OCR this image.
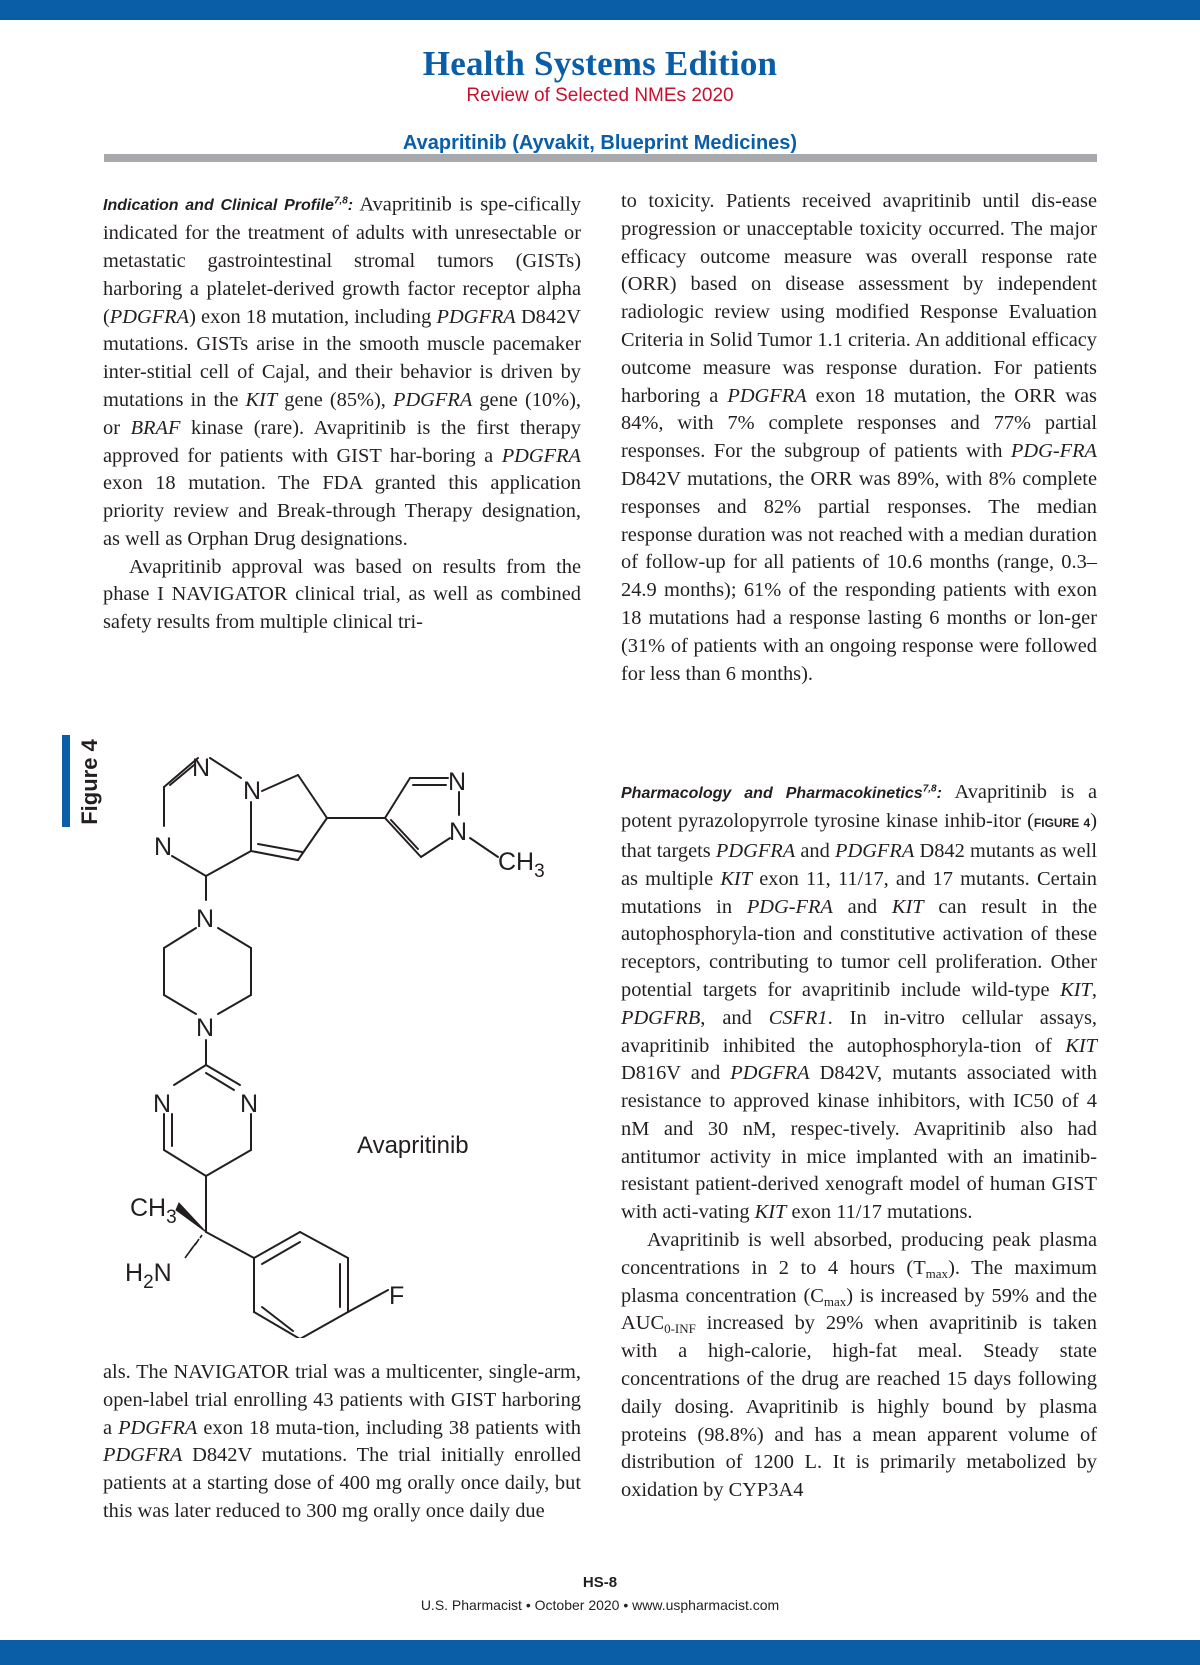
Health Systems Edition
Review of Selected NMEs 2020
Avapritinib (Ayvakit, Blueprint Medicines)

Indication and Clinical Profile$^{7,8}$: Avapritinib is spe-cifically indicated for the treatment of adults with unresectable or metastatic gastrointestinal stromal tumors (GISTs) harboring a platelet-derived growth factor receptor alpha (PDGFRA) exon 18 mutation, including PDGFRA D842V mutations. GISTs arise in the smooth muscle pacemaker inter-stitial cell of Cajal, and their behavior is driven by mutations in the KIT gene (85%), PDGFRA gene (10%), or BRAF kinase (rare). Avapritinib is the first therapy approved for patients with GIST har-boring a PDGFRA exon 18 mutation. The FDA granted this application priority review and Break-through Therapy designation, as well as Orphan Drug designations.

Avapritinib approval was based on results from the phase I NAVIGATOR clinical trial, as well as combined safety results from multiple clinical tri-

Figure 4	N
N
N
N
N
$CH_3$
N
N
N	N
$CH_3$
$H_2N$
F
Avapritinib

als. The NAVIGATOR trial was a multicenter, single-arm, open-label trial enrolling 43 patients with GIST harboring a PDGFRA exon 18 muta-tion, including 38 patients with PDGFRA D842V mutations. The trial initially enrolled patients at a starting dose of 400 mg orally once daily, but this was later reduced to 300 mg orally once daily due

to toxicity. Patients received avapritinib until dis-ease progression or unacceptable toxicity occurred. The major efficacy outcome measure was overall response rate (ORR) based on disease assessment by independent radiologic review using modified Response Evaluation Criteria in Solid Tumor 1.1 criteria. An additional efficacy outcome measure was response duration. For patients harboring a PDGFRA exon 18 mutation, the ORR was 84%, with 7% complete responses and 77% partial responses. For the subgroup of patients with PDG-FRA D842V mutations, the ORR was 89%, with 8% complete responses and 82% partial responses. The median response duration was not reached with a median duration of follow-up for all patients of 10.6 months (range, 0.3–24.9 months); 61% of the responding patients with exon 18 mutations had a response lasting 6 months or lon-ger (31% of patients with an ongoing response were followed for less than 6 months).

Pharmacology and Pharmacokinetics$^{7,8}$: Avapritinib is a potent pyrazolopyrrole tyrosine kinase inhib-itor (FIGURE 4) that targets PDGFRA and PDGFRA D842 mutants as well as multiple KIT exon 11, 11/17, and 17 mutants. Certain mutations in PDG-FRA and KIT can result in the autophosphoryla-tion and constitutive activation of these receptors, contributing to tumor cell proliferation. Other potential targets for avapritinib include wild-type KIT, PDGFRB, and CSFR1. In in-vitro cellular assays, avapritinib inhibited the autophosphoryla-tion of KIT D816V and PDGFRA D842V, mutants associated with resistance to approved kinase inhibitors, with IC50 of 4 nM and 30 nM, respec-tively. Avapritinib also had antitumor activity in mice implanted with an imatinib-resistant patient-derived xenograft model of human GIST with acti-vating KIT exon 11/17 mutations.

Avapritinib is well absorbed, producing peak plasma concentrations in 2 to 4 hours $(T_{max})$. The maximum plasma concentration $(C_{max})$ is increased by 59% and the $AUC_{0-INF}$ increased by 29% when avapritinib is taken with a high-calorie, high-fat meal. Steady state concentrations of the drug are reached 15 days following daily dosing. Avapritinib is highly bound by plasma proteins (98.8%) and has a mean apparent volume of distribution of 1200 L. It is primarily metabolized by oxidation by CYP3A4

HS-8
U.S. Pharmacist • October 2020 • www.uspharmacist.com
